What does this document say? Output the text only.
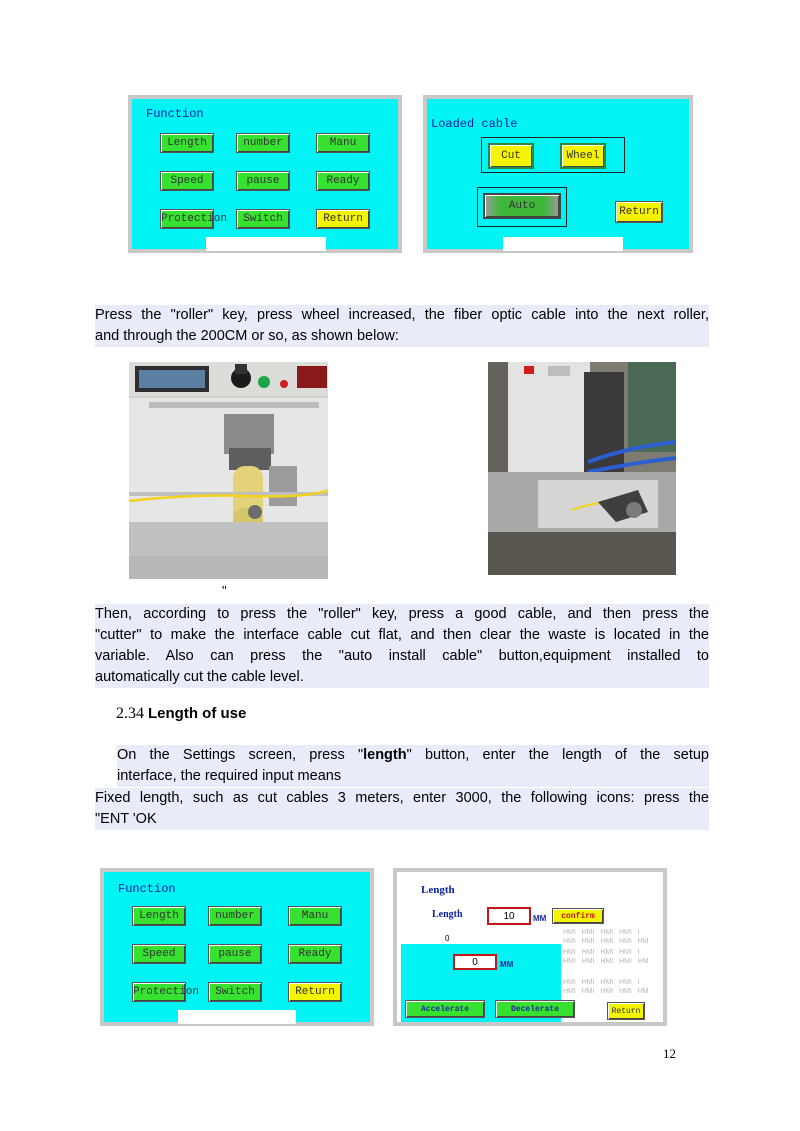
Function
Length	number	Manu
Speed	pause	Ready
Protection	Switch	Return
Loaded cable
Cut	Wheel
Auto	Return
Press the "roller" key, press wheel increased, the fiber optic cable into the next roller,
and through the 200CM or so, as shown below:
"
Then, according to press the "roller" key, press a good cable, and then press the
"cutter" to make the interface cable cut flat, and then clear the waste is located in the
variable. Also can press the "auto install cable" button,equipment installed to
automatically cut the cable level.
2.34 Length of use
On the Settings screen, press "length" button, enter the length of the setup
interface, the required input means
Fixed length, such as cut cables 3 meters, enter 3000, the following icons: press the
"ENT 'OK
Function
Length	number	Manu
Speed	pause	Ready
Protection	Switch	Return
Length
Length	10	MM	confirm
0
HMI   HMI   HMI   HMI   I
HMI   HMI   HMI   HMI   HM
HMI   HMI   HMI   HMI   I
HMI   HMI   HMI   HMI   HM
HMI   HMI   HMI   HMI   I
HMI   HMI   HMI   HMI   HM
0	MM
Accelerate	Decelerate	Return
12
